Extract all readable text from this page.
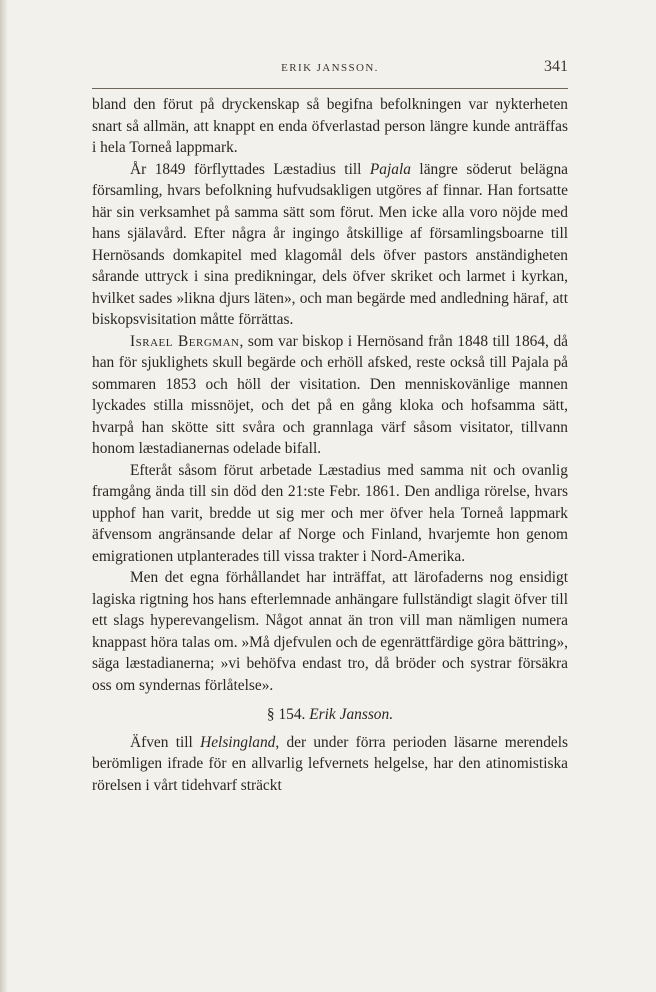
ERIK JANSSON.	341

bland den förut på dryckenskap så begifna befolkningen var nykterheten snart så allmän, att knappt en enda öfverlastad person längre kunde anträffas i hela Torneå lappmark.

År 1849 förflyttades Læstadius till Pajala längre söderut belägna församling, hvars befolkning hufvudsakligen utgöres af finnar. Han fortsatte här sin verksamhet på samma sätt som förut. Men icke alla voro nöjde med hans själavård. Efter några år ingingo åtskillige af församlingsboarne till Hernösands domkapitel med klagomål dels öfver pastors anständigheten sårande uttryck i sina predikningar, dels öfver skriket och larmet i kyrkan, hvilket sades »likna djurs läten», och man begärde med andledning häraf, att biskopsvisitation måtte förrättas.

Israel Bergman, som var biskop i Hernösand från 1848 till 1864, då han för sjuklighets skull begärde och erhöll afsked, reste också till Pajala på sommaren 1853 och höll der visitation. Den menniskovänlige mannen lyckades stilla missnöjet, och det på en gång kloka och hofsamma sätt, hvarpå han skötte sitt svåra och grannlaga värf såsom visitator, tillvann honom læstadianernas odelade bifall.

Efteråt såsom förut arbetade Læstadius med samma nit och ovanlig framgång ända till sin död den 21:ste Febr. 1861. Den andliga rörelse, hvars upphof han varit, bredde ut sig mer och mer öfver hela Torneå lappmark äfvensom angränsande delar af Norge och Finland, hvarjemte hon genom emigrationen utplanterades till vissa trakter i Nord-Amerika.

Men det egna förhållandet har inträffat, att lärofaderns nog ensidigt lagiska rigtning hos hans efterlemnade anhängare fullständigt slagit öfver till ett slags hyperevangelism. Något annat än tron vill man nämligen numera knappast höra talas om. »Må djefvulen och de egenrättfärdige göra bättring», säga læstadianerna; »vi behöfva endast tro, då bröder och systrar försäkra oss om syndernas förlåtelse».

§ 154. Erik Jansson.

Äfven till Helsingland, der under förra perioden läsarne merendels berömligen ifrade för en allvarlig lefvernets helgelse, har den atinomistiska rörelsen i vårt tidehvarf sträckt
